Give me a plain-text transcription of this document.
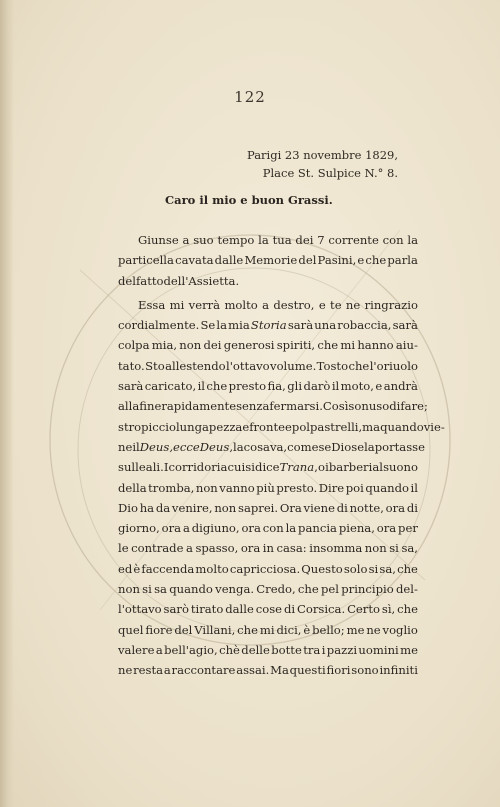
122
Parigi 23 novembre 1829,
Place St. Sulpice N.° 8.
Caro il mio e buon Grassi.
Giunse a suo tempo la tua dei 7 corrente con la
particella cavata dalle Memorie del Pasini, e che parla
del fatto dell'Assietta.
Essa mi verrà molto a destro, e te ne ringrazio
cordialmente. Se la mia Storia sarà una robaccia, sarà
colpa mia, non dei generosi spiriti, che mi hanno aiu-
tato. Sto allestendo l'ottavo volume. Tosto che l'oriuolo
sarà caricato, il che presto fia, gli darò il moto, e andrà
alla fine rapidamente senza fermarsi. Così son uso di fare;
stropiccio lunga pezza e fronte e polpastrelli, ma quando vie-
ne il Deus, ecce Deus , la cosa va, come se Dio se la portasse
sulle ali. I corridori a cui si dice Trana , o i barberi al suono
della tromba, non vanno più presto. Dire poi quando il
Dio ha da venire, non saprei. Ora viene di notte, ora di
giorno, ora a digiuno, ora con la pancia piena, ora per
le contrade a spasso, ora in casa: insomma non si sa,
ed è faccenda molto capricciosa. Questo solo si sa, che
non si sa quando venga. Credo, che pel principio del-
l'ottavo sarò tirato dalle cose di Corsica. Certo sì, che
quel fiore del Villani, che mi dici, è bello; me ne voglio
valere a bell'agio, chè delle botte tra i pazzi uomini me
ne resta a raccontare assai. Ma questi fiori sono infiniti
